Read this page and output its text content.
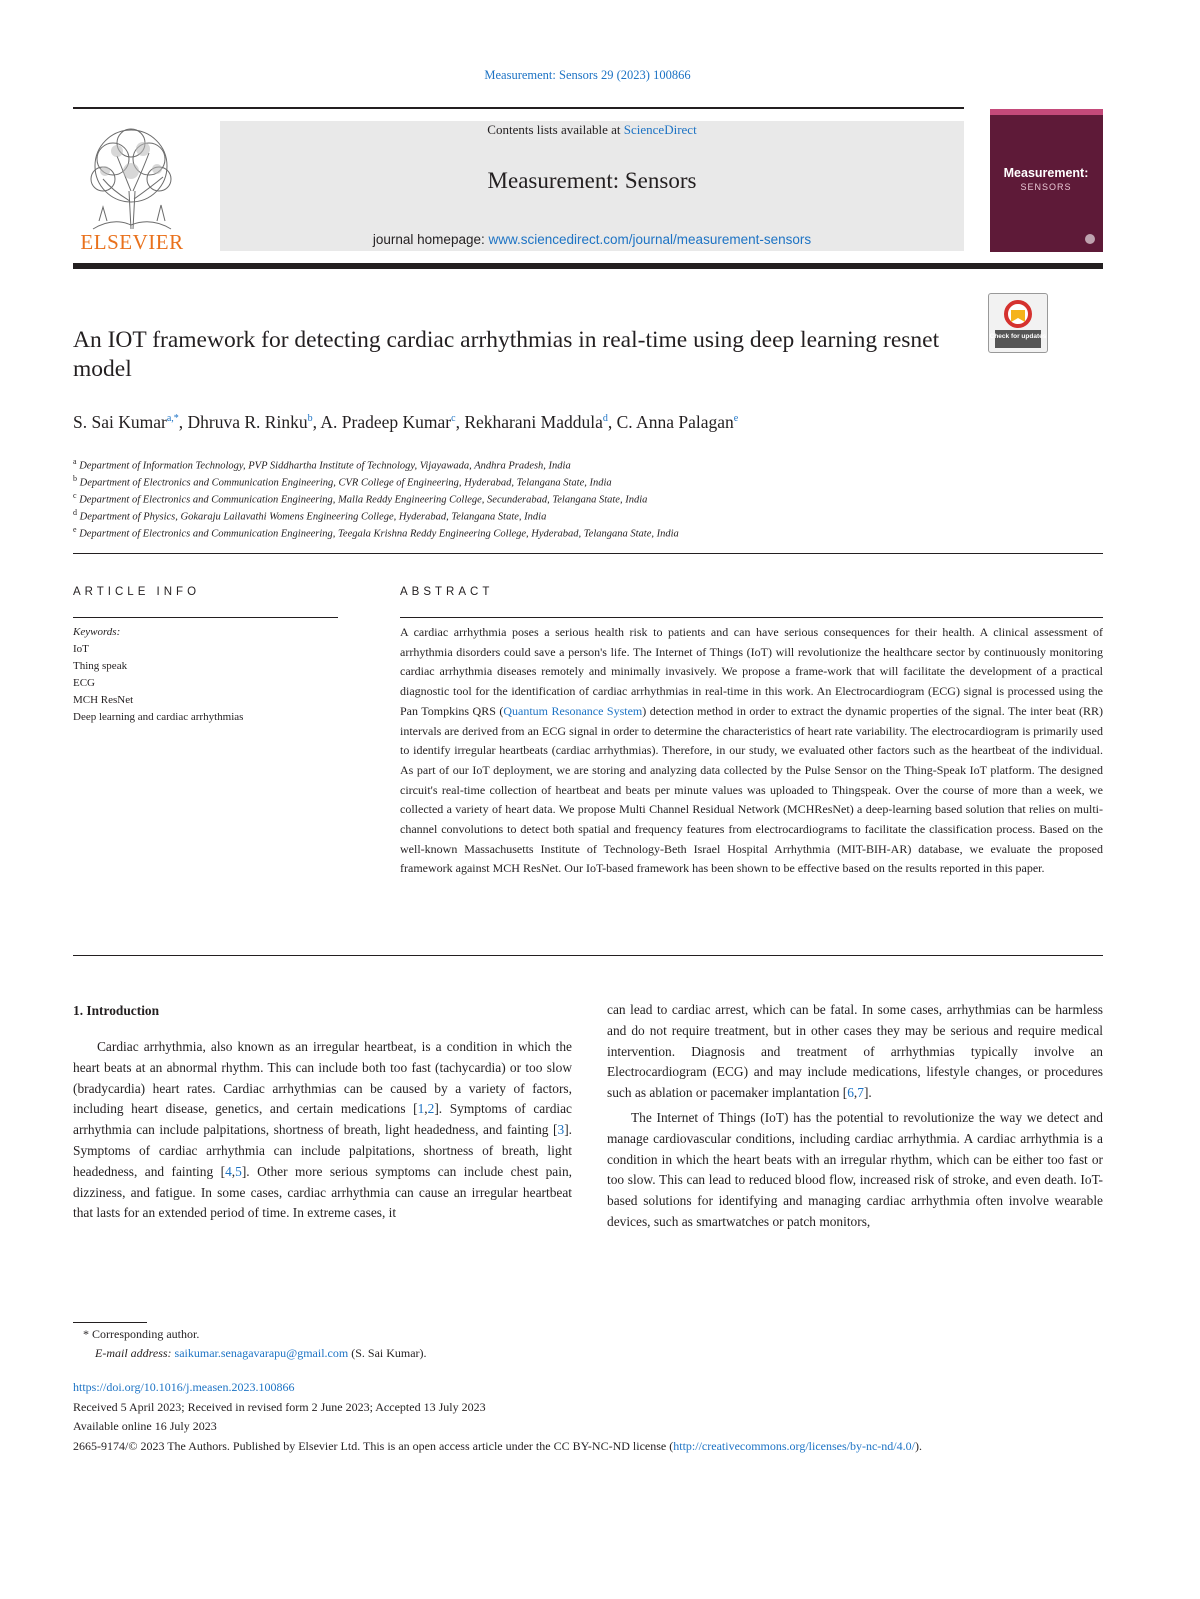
Measurement: Sensors 29 (2023) 100866
ELSEVIER
Contents lists available at ScienceDirect
Measurement: Sensors
journal homepage: www.sciencedirect.com/journal/measurement-sensors
Measurement:
SENSORS
An IOT framework for detecting cardiac arrhythmias in real-time using deep learning resnet model
Check for updates
S. Sai Kumar$^{a,*}$, Dhruva R. Rinku$^b$, A. Pradeep Kumar$^c$, Rekharani Maddula$^d$, C. Anna Palagan$^e$
$^a$ Department of Information Technology, PVP Siddhartha Institute of Technology, Vijayawada, Andhra Pradesh, India
$^b$ Department of Electronics and Communication Engineering, CVR College of Engineering, Hyderabad, Telangana State, India
$^c$ Department of Electronics and Communication Engineering, Malla Reddy Engineering College, Secunderabad, Telangana State, India
$^d$ Department of Physics, Gokaraju Lailavathi Womens Engineering College, Hyderabad, Telangana State, India
$^e$ Department of Electronics and Communication Engineering, Teegala Krishna Reddy Engineering College, Hyderabad, Telangana State, India
ARTICLE INFO	ABSTRACT
Keywords:
IoT
Thing speak
ECG
MCH ResNet
Deep learning and cardiac arrhythmias
A cardiac arrhythmia poses a serious health risk to patients and can have serious consequences for their health. A clinical assessment of arrhythmia disorders could save a person's life. The Internet of Things (IoT) will revolutionize the healthcare sector by continuously monitoring cardiac arrhythmia diseases remotely and minimally invasively. We propose a frame-work that will facilitate the development of a practical diagnostic tool for the identification of cardiac arrhythmias in real-time in this work. An Electrocardiogram (ECG) signal is processed using the Pan Tompkins QRS (Quantum Resonance System) detection method in order to extract the dynamic properties of the signal. The inter beat (RR) intervals are derived from an ECG signal in order to determine the characteristics of heart rate variability. The electrocardiogram is primarily used to identify irregular heartbeats (cardiac arrhythmias). Therefore, in our study, we evaluated other factors such as the heartbeat of the individual. As part of our IoT deployment, we are storing and analyzing data collected by the Pulse Sensor on the Thing-Speak IoT platform. The designed circuit's real-time collection of heartbeat and beats per minute values was uploaded to Thingspeak. Over the course of more than a week, we collected a variety of heart data. We propose Multi Channel Residual Network (MCHResNet) a deep-learning based solution that relies on multi-channel convolutions to detect both spatial and frequency features from electrocardiograms to facilitate the classification process. Based on the well-known Massachusetts Institute of Technology-Beth Israel Hospital Arrhythmia (MIT-BIH-AR) database, we evaluate the proposed framework against MCH ResNet. Our IoT-based framework has been shown to be effective based on the results reported in this paper.
1. Introduction

Cardiac arrhythmia, also known as an irregular heartbeat, is a condition in which the heart beats at an abnormal rhythm. This can include both too fast (tachycardia) or too slow (bradycardia) heart rates. Cardiac arrhythmias can be caused by a variety of factors, including heart disease, genetics, and certain medications [1,2]. Symptoms of cardiac arrhythmia can include palpitations, shortness of breath, light headedness, and fainting [3]. Symptoms of cardiac arrhythmia can include palpitations, shortness of breath, light headedness, and fainting [4,5]. Other more serious symptoms can include chest pain, dizziness, and fatigue. In some cases, cardiac arrhythmia can cause an irregular heartbeat that lasts for an extended period of time. In extreme cases, it

can lead to cardiac arrest, which can be fatal. In some cases, arrhythmias can be harmless and do not require treatment, but in other cases they may be serious and require medical intervention. Diagnosis and treatment of arrhythmias typically involve an Electrocardiogram (ECG) and may include medications, lifestyle changes, or procedures such as ablation or pacemaker implantation [6,7].

The Internet of Things (IoT) has the potential to revolutionize the way we detect and manage cardiovascular conditions, including cardiac arrhythmia. A cardiac arrhythmia is a condition in which the heart beats with an irregular rhythm, which can be either too fast or too slow. This can lead to reduced blood flow, increased risk of stroke, and even death. IoT-based solutions for identifying and managing cardiac arrhythmia often involve wearable devices, such as smartwatches or patch monitors,

* Corresponding author.
E-mail address: saikumar.senagavarapu@gmail.com (S. Sai Kumar).
https://doi.org/10.1016/j.measen.2023.100866
Received 5 April 2023; Received in revised form 2 June 2023; Accepted 13 July 2023
Available online 16 July 2023
2665-9174/© 2023 The Authors. Published by Elsevier Ltd. This is an open access article under the CC BY-NC-ND license (http://creativecommons.org/licenses/by-nc-nd/4.0/).
